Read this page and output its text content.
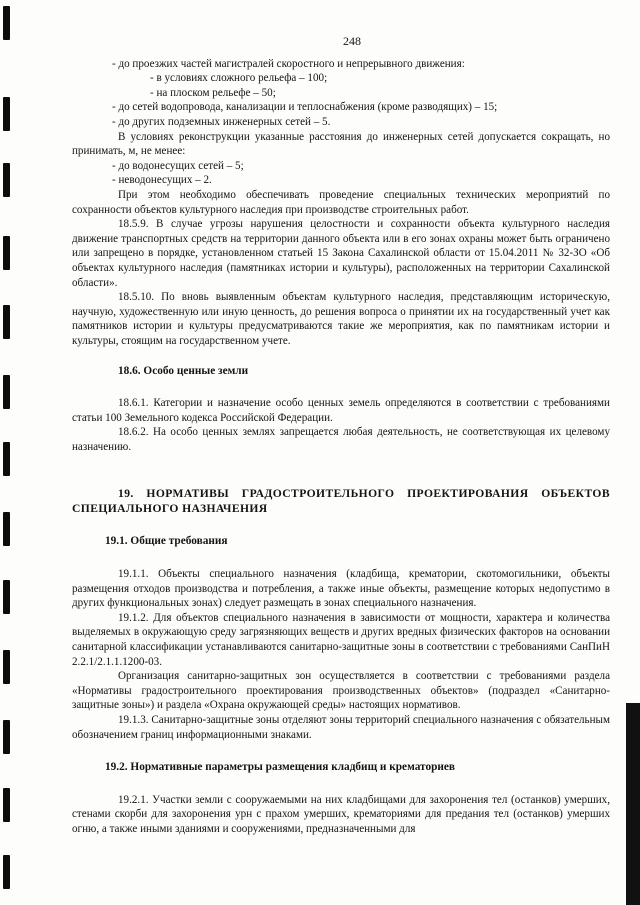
248

- до проезжих частей магистралей скоростного и непрерывного движения:

- в условиях сложного рельефа – 100;

- на плоском рельефе – 50;

- до сетей водопровода, канализации и теплоснабжения (кроме разводящих) – 15;

- до других подземных инженерных сетей – 5.

В условиях реконструкции указанные расстояния до инженерных сетей допускается сокращать, но принимать, м, не менее:

- до водонесущих сетей – 5;

- неводонесущих – 2.

При этом необходимо обеспечивать проведение специальных технических мероприятий по сохранности объектов культурного наследия при производстве строительных работ.

18.5.9. В случае угрозы нарушения целостности и сохранности объекта культурного наследия движение транспортных средств на территории данного объекта или в его зонах охраны может быть ограничено или запрещено в порядке, установленном статьей 15 Закона Сахалинской области от 15.04.2011 № 32-ЗО «Об объектах культурного наследия (памятниках истории и культуры), расположенных на территории Сахалинской области».

18.5.10. По вновь выявленным объектам культурного наследия, представляющим историческую, научную, художественную или иную ценность, до решения вопроса о принятии их на государственный учет как памятников истории и культуры предусматриваются такие же мероприятия, как по памятникам истории и культуры, стоящим на государственном учете.

18.6. Особо ценные земли

18.6.1. Категории и назначение особо ценных земель определяются в соответствии с требованиями статьи 100 Земельного кодекса Российской Федерации.

18.6.2. На особо ценных землях запрещается любая деятельность, не соответствующая их целевому назначению.

19. НОРМАТИВЫ ГРАДОСТРОИТЕЛЬНОГО ПРОЕКТИРОВАНИЯ ОБЪЕКТОВ СПЕЦИАЛЬНОГО НАЗНАЧЕНИЯ

19.1. Общие требования

19.1.1. Объекты специального назначения (кладбища, крематории, скотомогильники, объекты размещения отходов производства и потребления, а также иные объекты, размещение которых недопустимо в других функциональных зонах) следует размещать в зонах специального назначения.

19.1.2. Для объектов специального назначения в зависимости от мощности, характера и количества выделяемых в окружающую среду загрязняющих веществ и других вредных физических факторов на основании санитарной классификации устанавливаются санитарно-защитные зоны в соответствии с требованиями СанПиН 2.2.1/2.1.1.1200-03.

Организация санитарно-защитных зон осуществляется в соответствии с требованиями раздела «Нормативы градостроительного проектирования производственных объектов» (подраздел «Санитарно-защитные зоны») и раздела «Охрана окружающей среды» настоящих нормативов.

19.1.3. Санитарно-защитные зоны отделяют зоны территорий специального назначения с обязательным обозначением границ информационными знаками.

19.2. Нормативные параметры размещения кладбищ и крематориев

19.2.1. Участки земли с сооружаемыми на них кладбищами для захоронения тел (останков) умерших, стенами скорби для захоронения урн с прахом умерших, крематориями для предания тел (останков) умерших огню, а также иными зданиями и сооружениями, предназначенными для
